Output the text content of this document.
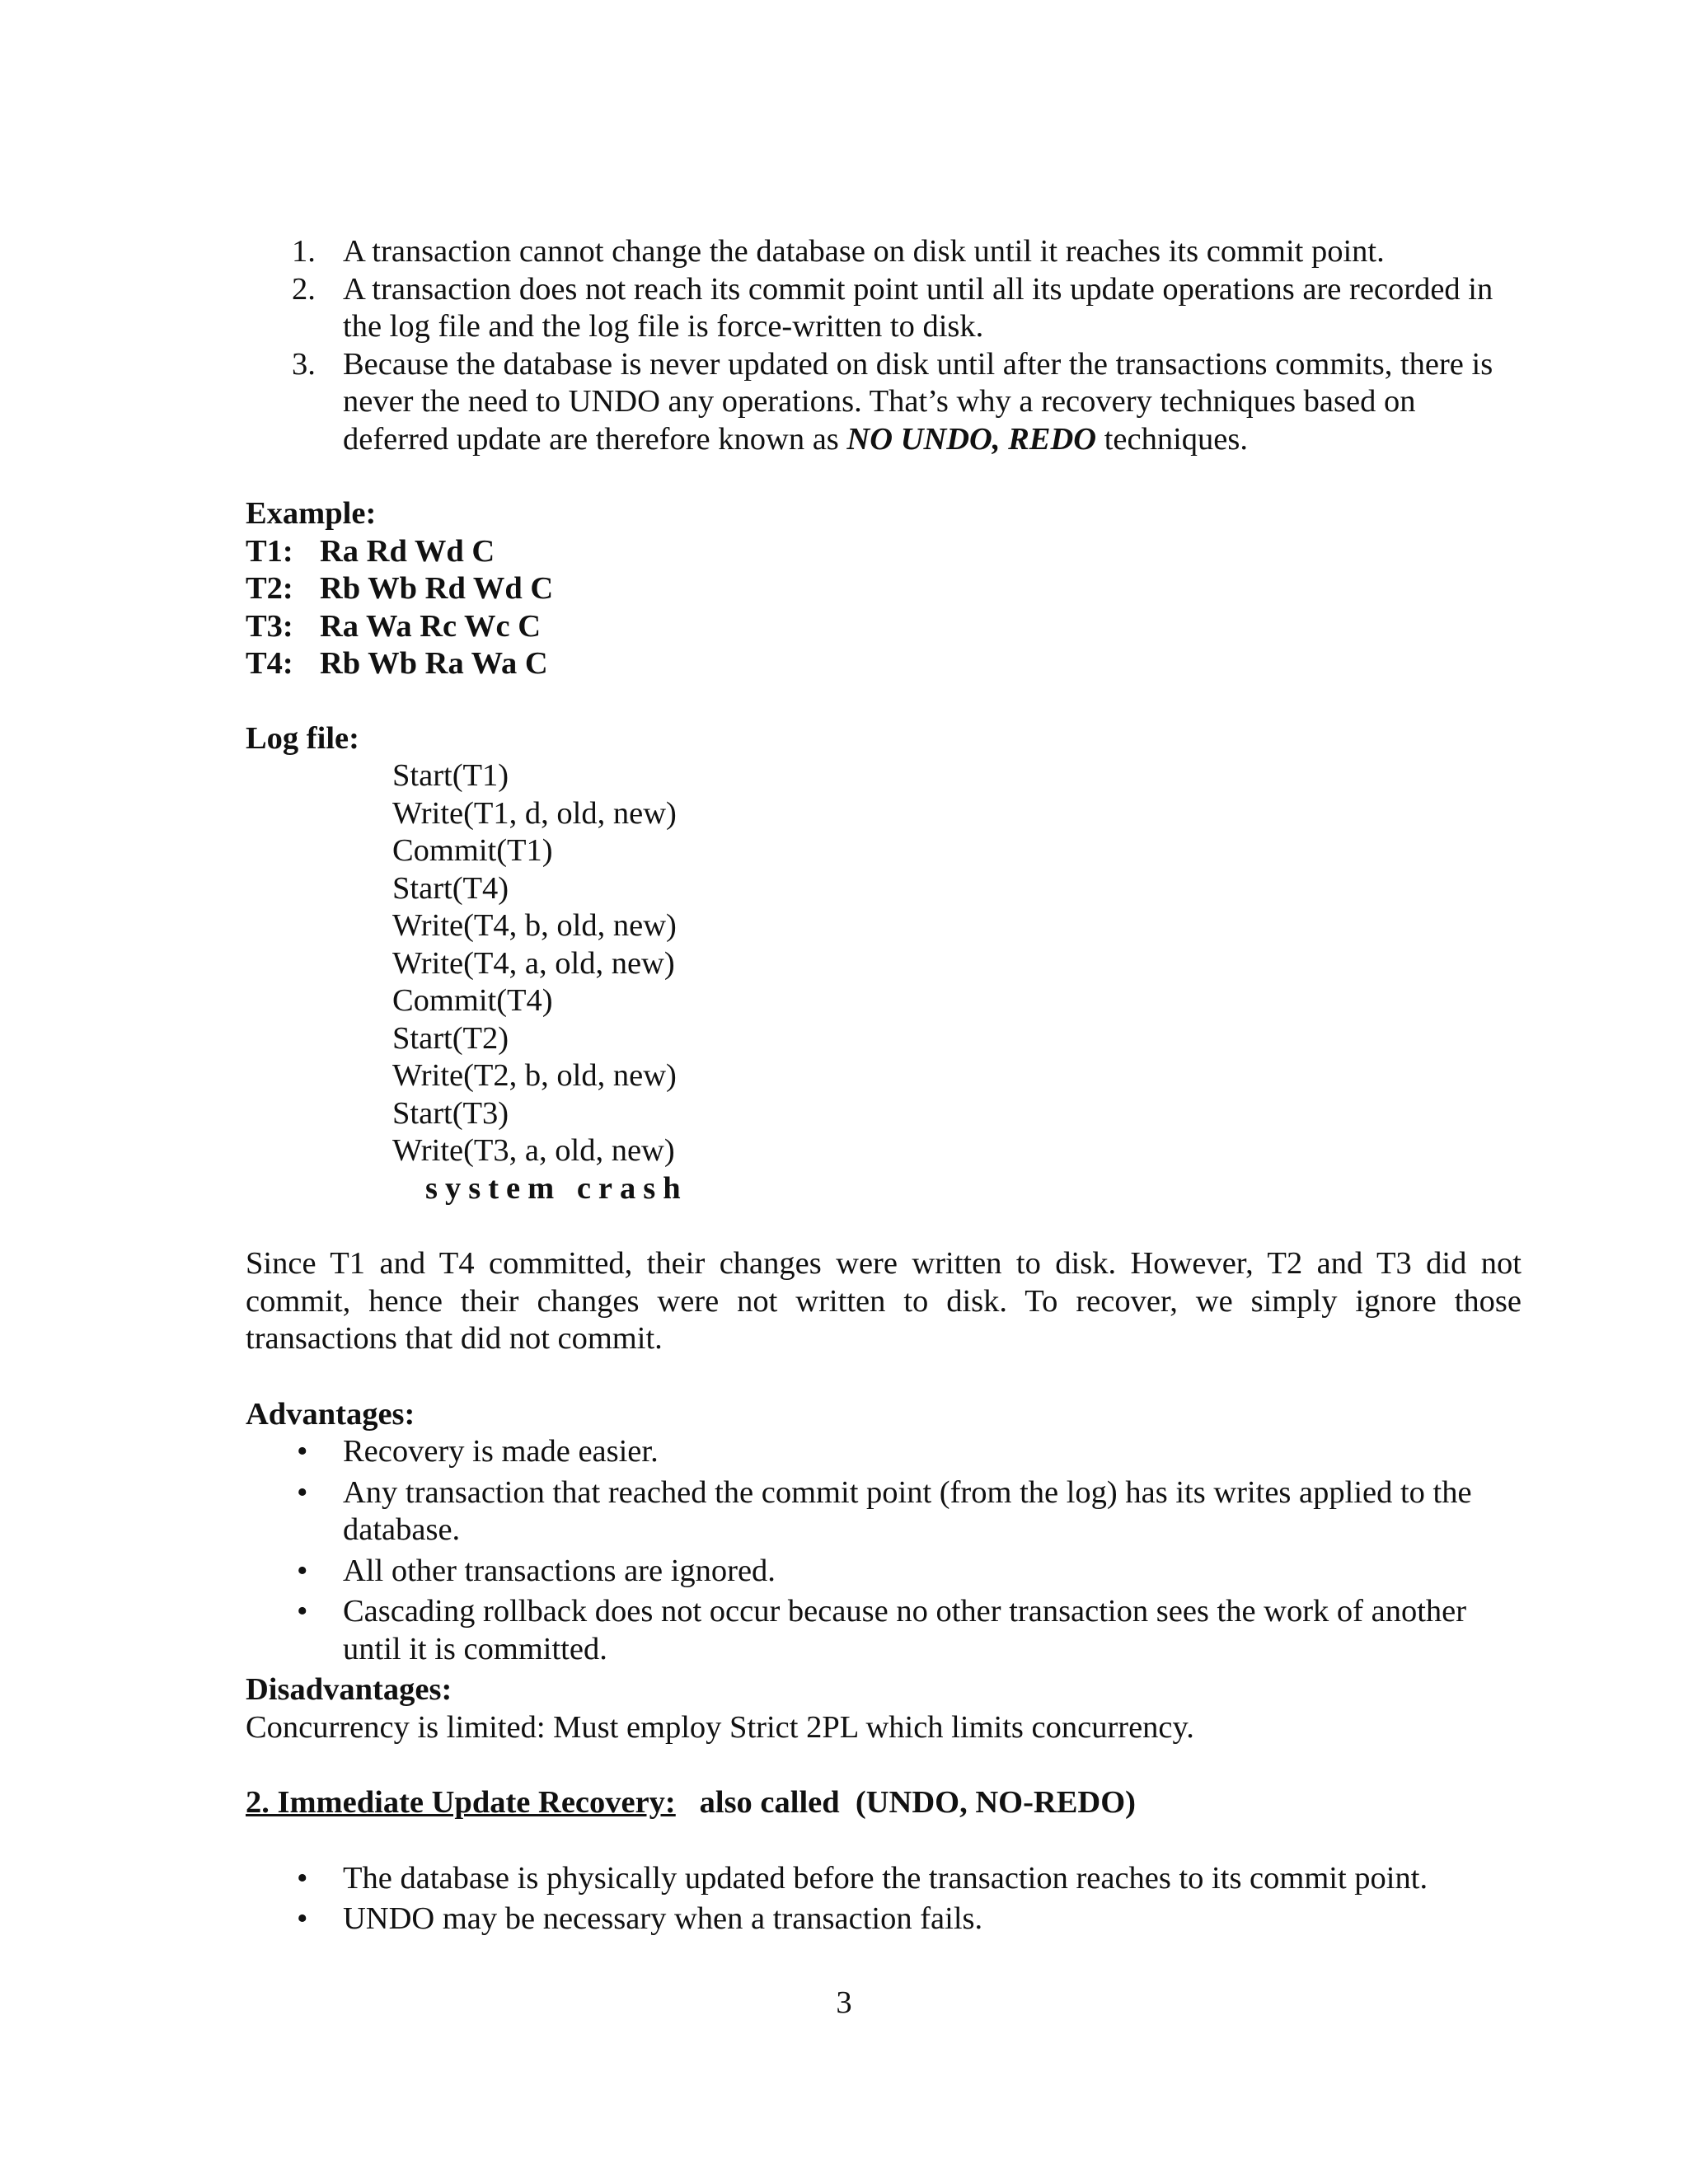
1. A transaction cannot change the database on disk until it reaches its commit point.

2. A transaction does not reach its commit point until all its update operations are recorded in the log file and the log file is force-written to disk.

3. Because the database is never updated on disk until after the transactions commits, there is never the need to UNDO any operations. That’s why a recovery techniques based on deferred update are therefore known as NO UNDO, REDO techniques.

Example:
T1: Ra Rd Wd C
T2: Rb Wb Rd Wd C
T3: Ra Wa Rc Wc C
T4: Rb Wb Ra Wa C
Log file:
Start(T1)
Write(T1, d, old, new)
Commit(T1)
Start(T4)
Write(T4, b, old, new)
Write(T4, a, old, new)
Commit(T4)
Start(T2)
Write(T2, b, old, new)
Start(T3)
Write(T3, a, old, new)
system crash

Since T1 and T4 committed, their changes were written to disk. However, T2 and T3 did not commit, hence their changes were not written to disk. To recover, we simply ignore those transactions that did not commit.

Advantages:

• Recovery is made easier.

• Any transaction that reached the commit point (from the log) has its writes applied to the database.

• All other transactions are ignored.

• Cascading rollback does not occur because no other transaction sees the work of another until it is committed.

Disadvantages:
Concurrency is limited: Must employ Strict 2PL which limits concurrency.

2. Immediate Update Recovery:   also called  (UNDO, NO-REDO)

• The database is physically updated before the transaction reaches to its commit point.

• UNDO may be necessary when a transaction fails.

3
